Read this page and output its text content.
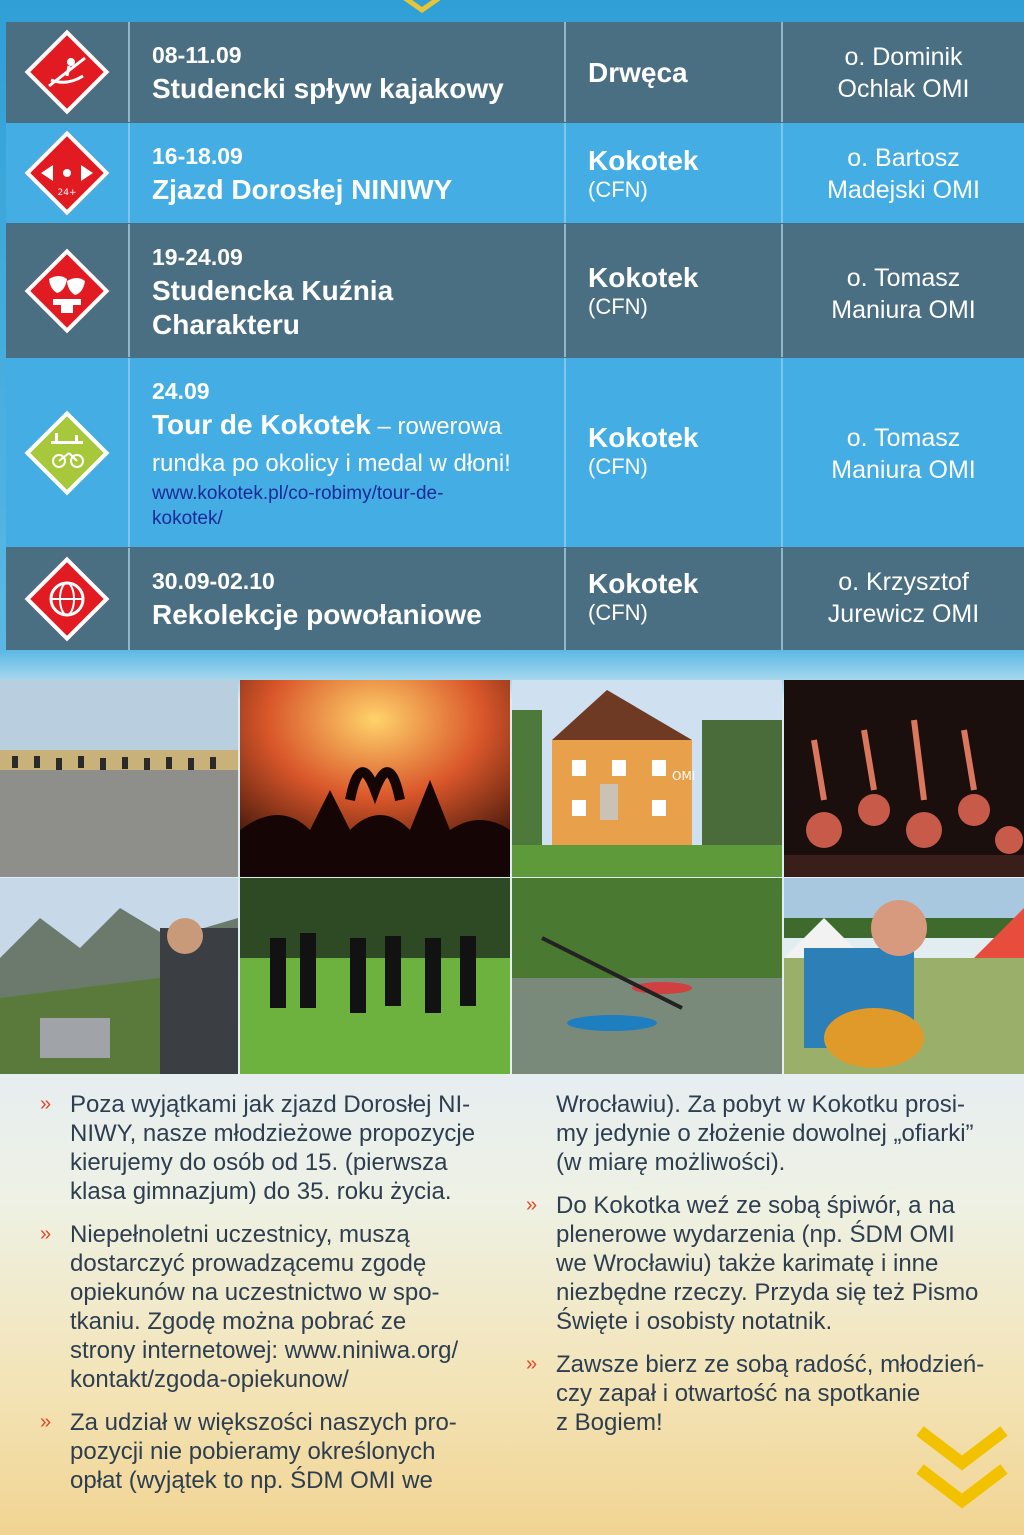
08-11.09
Studencki spływ kajakowy
Drwęca	o. Dominik
Ochlak OMI
24+
16-18.09
Zjazd Dorosłej NINIWY
Kokotek
(CFN)
o. Bartosz
Madejski OMI
19-24.09
Studencka Kuźnia
Charakteru
Kokotek
(CFN)
o. Tomasz
Maniura OMI
24.09
Tour de Kokotek – rowerowa
rundka po okolicy i medal w dłoni!
www.kokotek.pl/co-robimy/tour-de-
kokotek/
Kokotek
(CFN)
o. Tomasz
Maniura OMI
30.09-02.10
Rekolekcje powołaniowe
Kokotek
(CFN)
o. Krzysztof
Jurewicz OMI
OMI
» Poza wyjątkami jak zjazd Dorosłej NI-
NIWY, nasze młodzieżowe propozycje
kierujemy do osób od 15. (pierwsza
klasa gimnazjum) do 35. roku życia.
» Niepełnoletni uczestnicy, muszą
dostarczyć prowadzącemu zgodę
opiekunów na uczestnictwo w spo-
tkaniu. Zgodę można pobrać ze
strony internetowej: www.niniwa.org/
kontakt/zgoda-opiekunow/
» Za udział w większości naszych pro-
pozycji nie pobieramy określonych
opłat (wyjątek to np. ŚDM OMI we
Wrocławiu). Za pobyt w Kokotku prosi-
my jedynie o złożenie dowolnej „ofiarki”
(w miarę możliwości).
» Do Kokotka weź ze sobą śpiwór, a na
plenerowe wydarzenia (np. ŚDM OMI
we Wrocławiu) także karimatę i inne
niezbędne rzeczy. Przyda się też Pismo
Święte i osobisty notatnik.
» Zawsze bierz ze sobą radość, młodzień-
czy zapał i otwartość na spotkanie
z Bogiem!
